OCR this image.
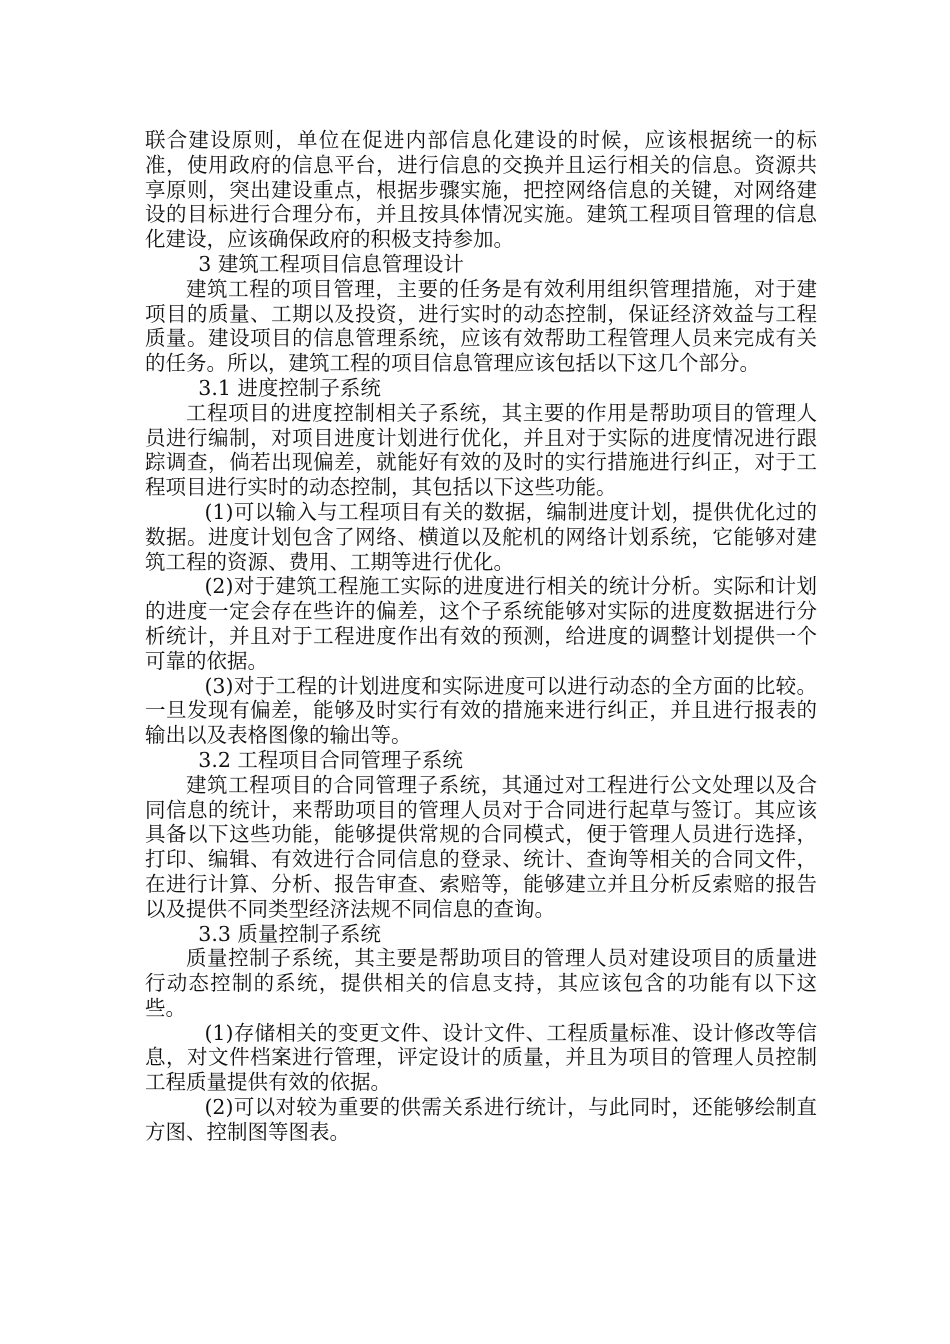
联合建设原则，单位在促进内部信息化建设的时候，应该根据统一的标准，使用政府的信息平台，进行信息的交换并且运行相关的信息。资源共享原则，突出建设重点，根据步骤实施，把控网络信息的关键，对网络建设的目标进行合理分布，并且按具体情况实施。建筑工程项目管理的信息化建设，应该确保政府的积极支持参加。

3 建筑工程项目信息管理设计

建筑工程的项目管理，主要的任务是有效利用组织管理措施，对于建项目的质量、工期以及投资，进行实时的动态控制，保证经济效益与工程质量。建设项目的信息管理系统，应该有效帮助工程管理人员来完成有关的任务。所以，建筑工程的项目信息管理应该包括以下这几个部分。

3.1 进度控制子系统

工程项目的进度控制相关子系统，其主要的作用是帮助项目的管理人员进行编制，对项目进度计划进行优化，并且对于实际的进度情况进行跟踪调查，倘若出现偏差，就能好有效的及时的实行措施进行纠正，对于工程项目进行实时的动态控制，其包括以下这些功能。

(1)可以输入与工程项目有关的数据，编制进度计划，提供优化过的数据。进度计划包含了网络、横道以及舵机的网络计划系统，它能够对建筑工程的资源、费用、工期等进行优化。

(2)对于建筑工程施工实际的进度进行相关的统计分析。实际和计划的进度一定会存在些许的偏差，这个子系统能够对实际的进度数据进行分析统计，并且对于工程进度作出有效的预测，给进度的调整计划提供一个可靠的依据。

(3)对于工程的计划进度和实际进度可以进行动态的全方面的比较。一旦发现有偏差，能够及时实行有效的措施来进行纠正，并且进行报表的输出以及表格图像的输出等。

3.2 工程项目合同管理子系统

建筑工程项目的合同管理子系统，其通过对工程进行公文处理以及合同信息的统计，来帮助项目的管理人员对于合同进行起草与签订。其应该具备以下这些功能，能够提供常规的合同模式，便于管理人员进行选择，打印、编辑、有效进行合同信息的登录、统计、查询等相关的合同文件，在进行计算、分析、报告审查、索赔等，能够建立并且分析反索赔的报告以及提供不同类型经济法规不同信息的查询。

3.3 质量控制子系统

质量控制子系统，其主要是帮助项目的管理人员对建设项目的质量进行动态控制的系统，提供相关的信息支持，其应该包含的功能有以下这些。

(1)存储相关的变更文件、设计文件、工程质量标准、设计修改等信息，对文件档案进行管理，评定设计的质量，并且为项目的管理人员控制工程质量提供有效的依据。

(2)可以对较为重要的供需关系进行统计，与此同时，还能够绘制直方图、控制图等图表。
